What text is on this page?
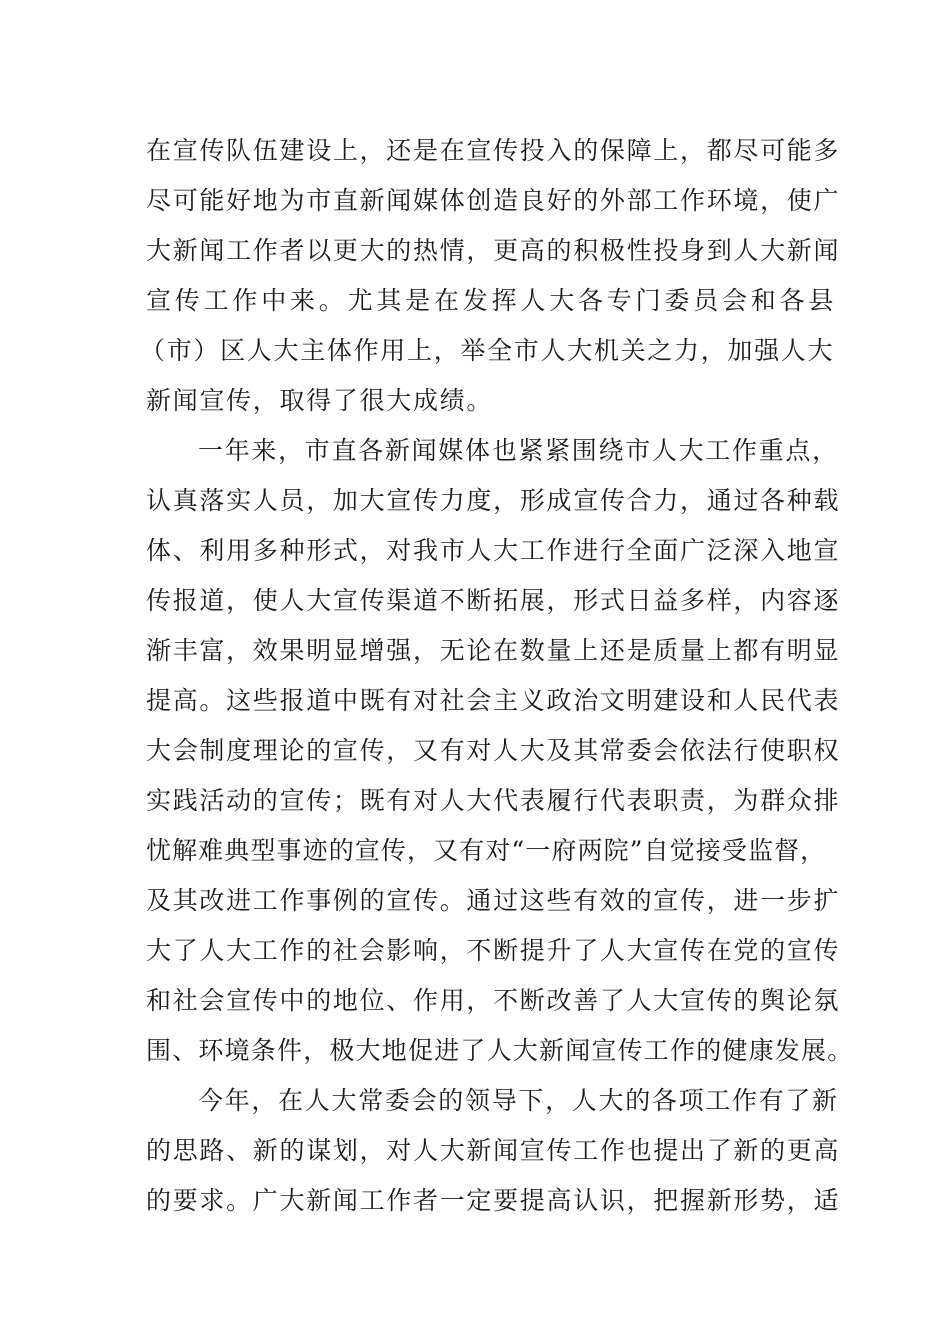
在宣传队伍建设上，还是在宣传投入的保障上，都尽可能多
尽可能好地为市直新闻媒体创造良好的外部工作环境，使广
大新闻工作者以更大的热情，更高的积极性投身到人大新闻
宣传工作中来。尤其是在发挥人大各专门委员会和各县
（市）区人大主体作用上，举全市人大机关之力，加强人大
新闻宣传，取得了很大成绩。
一年来，市直各新闻媒体也紧紧围绕市人大工作重点，
认真落实人员，加大宣传力度，形成宣传合力，通过各种载
体、利用多种形式，对我市人大工作进行全面广泛深入地宣
传报道，使人大宣传渠道不断拓展，形式日益多样，内容逐
渐丰富，效果明显增强，无论在数量上还是质量上都有明显
提高。这些报道中既有对社会主义政治文明建设和人民代表
大会制度理论的宣传，又有对人大及其常委会依法行使职权
实践活动的宣传；既有对人大代表履行代表职责，为群众排
忧解难典型事迹的宣传，又有对“一府两院”自觉接受监督，
及其改进工作事例的宣传。通过这些有效的宣传，进一步扩
大了人大工作的社会影响，不断提升了人大宣传在党的宣传
和社会宣传中的地位、作用，不断改善了人大宣传的舆论氛
围、环境条件，极大地促进了人大新闻宣传工作的健康发展。
今年，在人大常委会的领导下，人大的各项工作有了新
的思路、新的谋划，对人大新闻宣传工作也提出了新的更高
的要求。广大新闻工作者一定要提高认识，把握新形势，适
